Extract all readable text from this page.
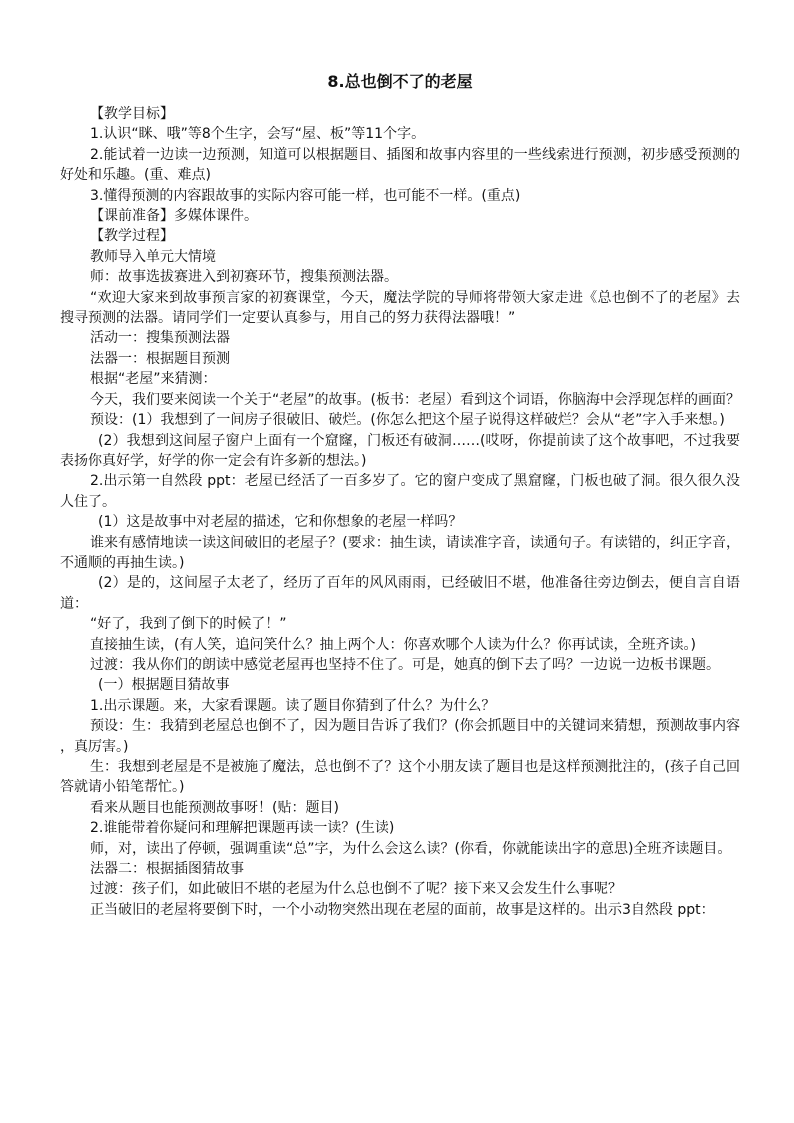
8.总也倒不了的老屋

【教学目标】

1.认识“眯、哦”等8个生字，会写“屋、板”等11个字。

2.能试着一边读一边预测，知道可以根据题目、插图和故事内容里的一些线索进行预测，初步感受预测的好处和乐趣。(重、难点)

3.懂得预测的内容跟故事的实际内容可能一样，也可能不一样。(重点)

【课前准备】多媒体课件。

【教学过程】

教师导入单元大情境

师：故事选拔赛进入到初赛环节，搜集预测法器。

“欢迎大家来到故事预言家的初赛课堂，今天，魔法学院的导师将带领大家走进《总也倒不了的老屋》去搜寻预测的法器。请同学们一定要认真参与，用自己的努力获得法器哦！”

活动一：搜集预测法器

法器一：根据题目预测

根据“老屋”来猜测：

今天，我们要来阅读一个关于“老屋”的故事。(板书：老屋）看到这个词语，你脑海中会浮现怎样的画面？

预设：(1）我想到了一间房子很破旧、破烂。(你怎么把这个屋子说得这样破烂？会从“老”字入手来想。)

(2）我想到这间屋子窗户上面有一个窟窿，门板还有破洞……(哎呀，你提前读了这个故事吧，不过我要表扬你真好学，好学的你一定会有许多新的想法。)

2.出示第一自然段 ppt：老屋已经活了一百多岁了。它的窗户变成了黑窟窿，门板也破了洞。很久很久没人住了。

(1）这是故事中对老屋的描述，它和你想象的老屋一样吗？

谁来有感情地读一读这间破旧的老屋子？(要求：抽生读，请读准字音，读通句子。有读错的，纠正字音，不通顺的再抽生读。)

(2）是的，这间屋子太老了，经历了百年的风风雨雨，已经破旧不堪，他准备往旁边倒去，便自言自语道：

“好了，我到了倒下的时候了！”

直接抽生读，(有人笑，追问笑什么？抽上两个人：你喜欢哪个人读为什么？你再试读，全班齐读。)

过渡：我从你们的朗读中感觉老屋再也坚持不住了。可是，她真的倒下去了吗？一边说一边板书课题。

(一）根据题目猜故事

1.出示课题。来，大家看课题。读了题目你猜到了什么？为什么？

预设：生：我猜到老屋总也倒不了，因为题目告诉了我们？(你会抓题目中的关键词来猜想，预测故事内容 ，真厉害。)

生：我想到老屋是不是被施了魔法，总也倒不了？这个小朋友读了题目也是这样预测批注的，(孩子自己回答就请小铅笔帮忙。)

看来从题目也能预测故事呀！(贴：题目)

2.谁能带着你疑问和理解把课题再读一读？(生读)

师，对，读出了停顿，强调重读“总”字，为什么会这么读？(你看，你就能读出字的意思)全班齐读题目。

法器二：根据插图猜故事

过渡：孩子们，如此破旧不堪的老屋为什么总也倒不了呢？接下来又会发生什么事呢？

正当破旧的老屋将要倒下时，一个小动物突然出现在老屋的面前，故事是这样的。出示3自然段 ppt：
